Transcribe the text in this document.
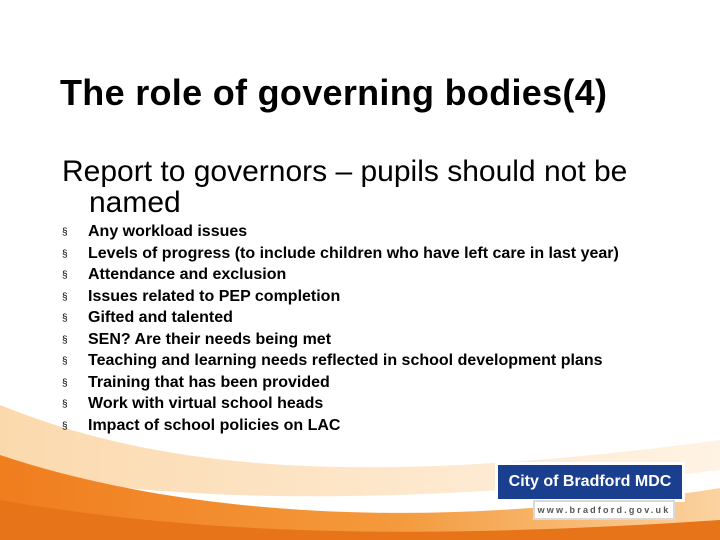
The role of governing bodies(4)
Report to governors – pupils should not be named
§ Any workload issues
§ Levels of progress (to include children who have left care in last year)
§ Attendance and exclusion
§ Issues related to PEP completion
§ Gifted and talented
§ SEN? Are their needs being met
§ Teaching and learning needs reflected in school development plans
§ Training that has been provided
§ Work with virtual school heads
§ Impact of school policies on LAC
City of Bradford MDC
www.bradford.gov.uk
